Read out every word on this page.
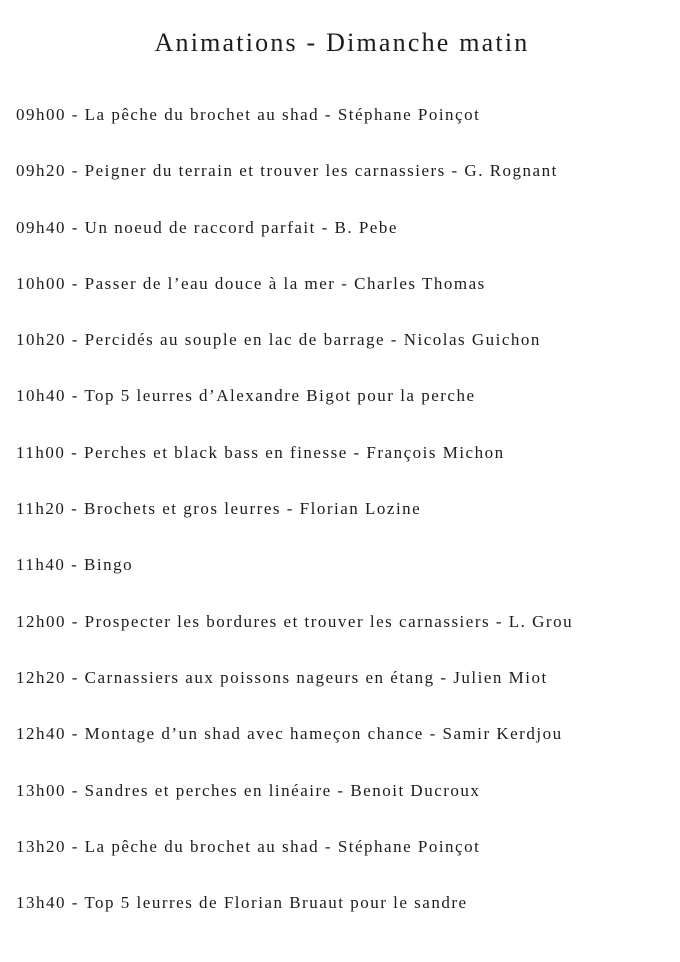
Animations - Dimanche matin
09h00 - La pêche du brochet au shad - Stéphane Poinçot
09h20 - Peigner du terrain et trouver les carnassiers - G. Rognant
09h40 - Un noeud de raccord parfait - B. Pebe
10h00 - Passer de l’eau douce à la mer - Charles Thomas
10h20 - Percidés au souple en lac de barrage - Nicolas Guichon
10h40 - Top 5 leurres d’Alexandre Bigot pour la perche
11h00 - Perches et black bass en finesse - François Michon
11h20 - Brochets et gros leurres - Florian Lozine
11h40 - Bingo
12h00 - Prospecter les bordures et trouver les carnassiers - L. Grou
12h20 - Carnassiers aux poissons nageurs en étang - Julien Miot
12h40 - Montage d’un shad avec hameçon chance - Samir Kerdjou
13h00 - Sandres et perches en linéaire - Benoit Ducroux
13h20 - La pêche du brochet au shad - Stéphane Poinçot
13h40 - Top 5 leurres de Florian Bruaut pour le sandre
